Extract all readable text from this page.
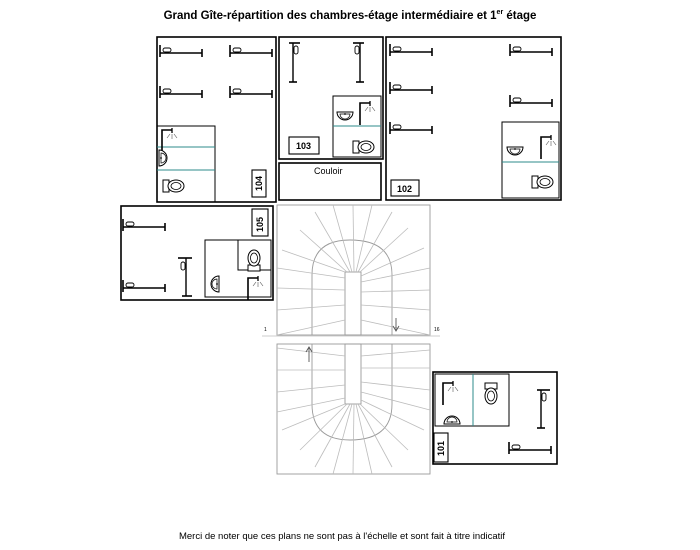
Grand Gîte-répartition des chambres-étage intermédiaire et 1er étage
104
103
Couloir
102
105
1	16
101
Merci de noter que ces plans ne sont pas à l'échelle et sont fait à titre indicatif
